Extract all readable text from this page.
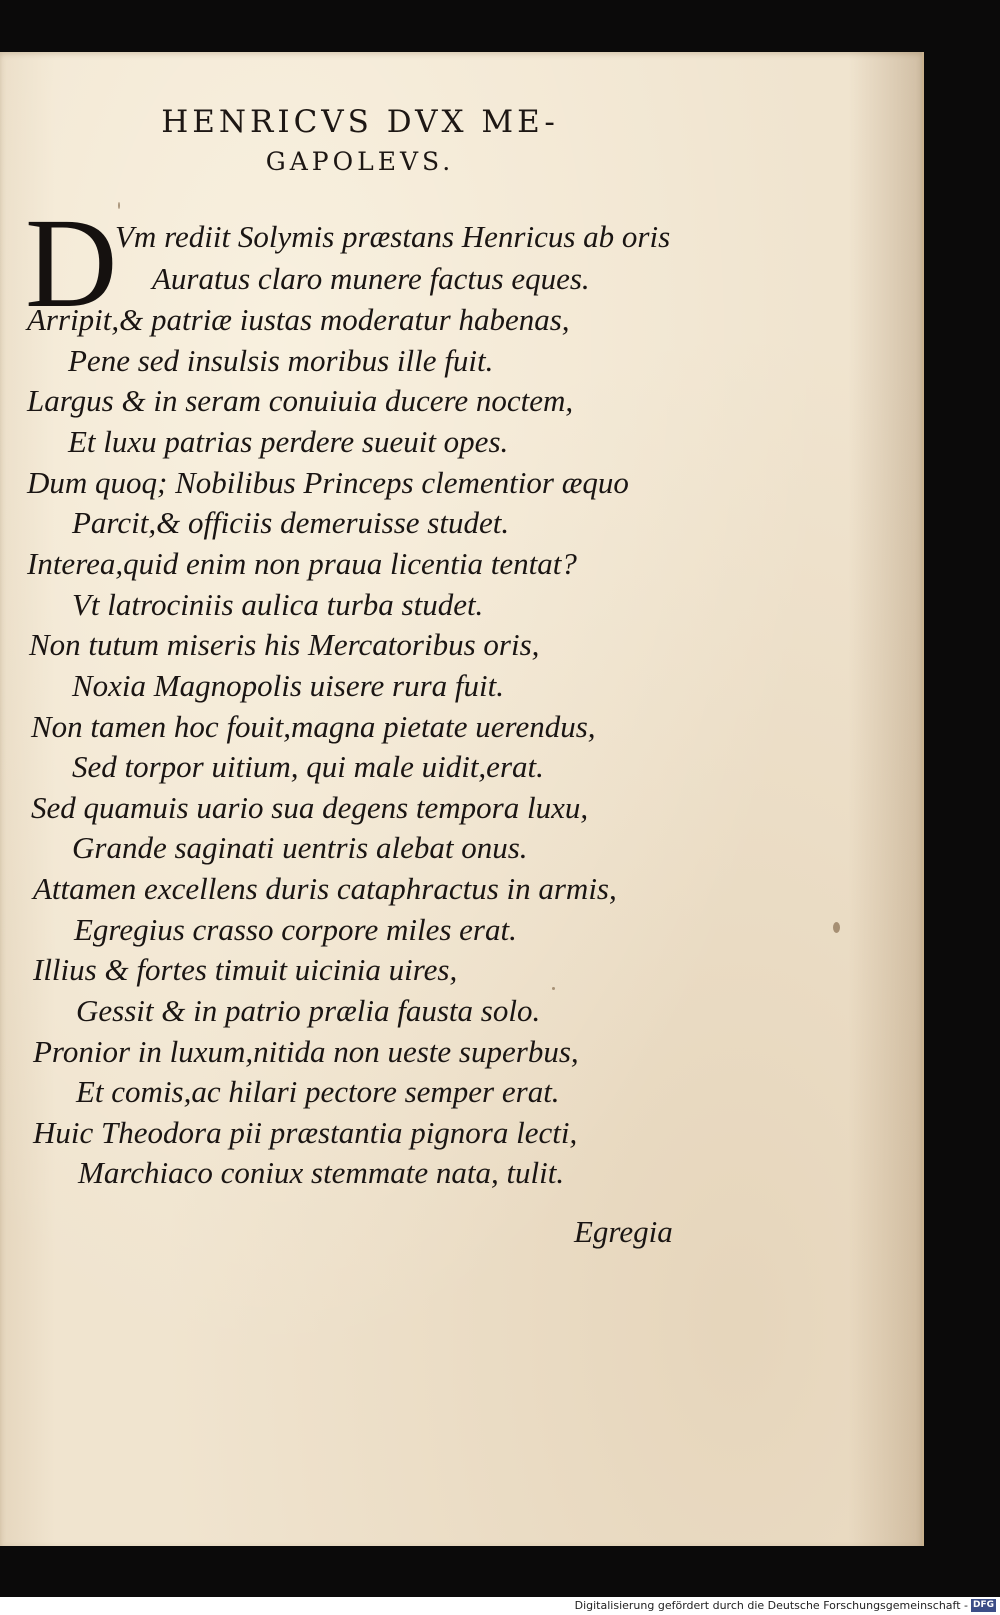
HENRICVS DVX ME-
GAPOLEVS.
D
Vm rediit Solymis præstans Henricus ab oris
Auratus claro munere factus eques.
Arripit,& patriæ iustas moderatur habenas,
Pene sed insulsis moribus ille fuit.
Largus & in seram conuiuia ducere noctem,
Et luxu patrias perdere sueuit opes.
Dum quoq; Nobilibus Princeps clementior æquo
Parcit,& officiis demeruisse studet.
Interea,quid enim non praua licentia tentat?
Vt latrociniis aulica turba studet.
Non tutum miseris his Mercatoribus oris,
Noxia Magnopolis uisere rura fuit.
Non tamen hoc fouit,magna pietate uerendus,
Sed torpor uitium, qui male uidit,erat.
Sed quamuis uario sua degens tempora luxu,
Grande saginati uentris alebat onus.
Attamen excellens duris cataphractus in armis,
Egregius crasso corpore miles erat.
Illius & fortes timuit uicinia uires,
Gessit & in patrio prælia fausta solo.
Pronior in luxum,nitida non ueste superbus,
Et comis,ac hilari pectore semper erat.
Huic Theodora pii præstantia pignora lecti,
Marchiaco coniux stemmate nata, tulit.
Egregia
Digitalisierung gefördert durch die Deutsche Forschungsgemeinschaft - DFG
